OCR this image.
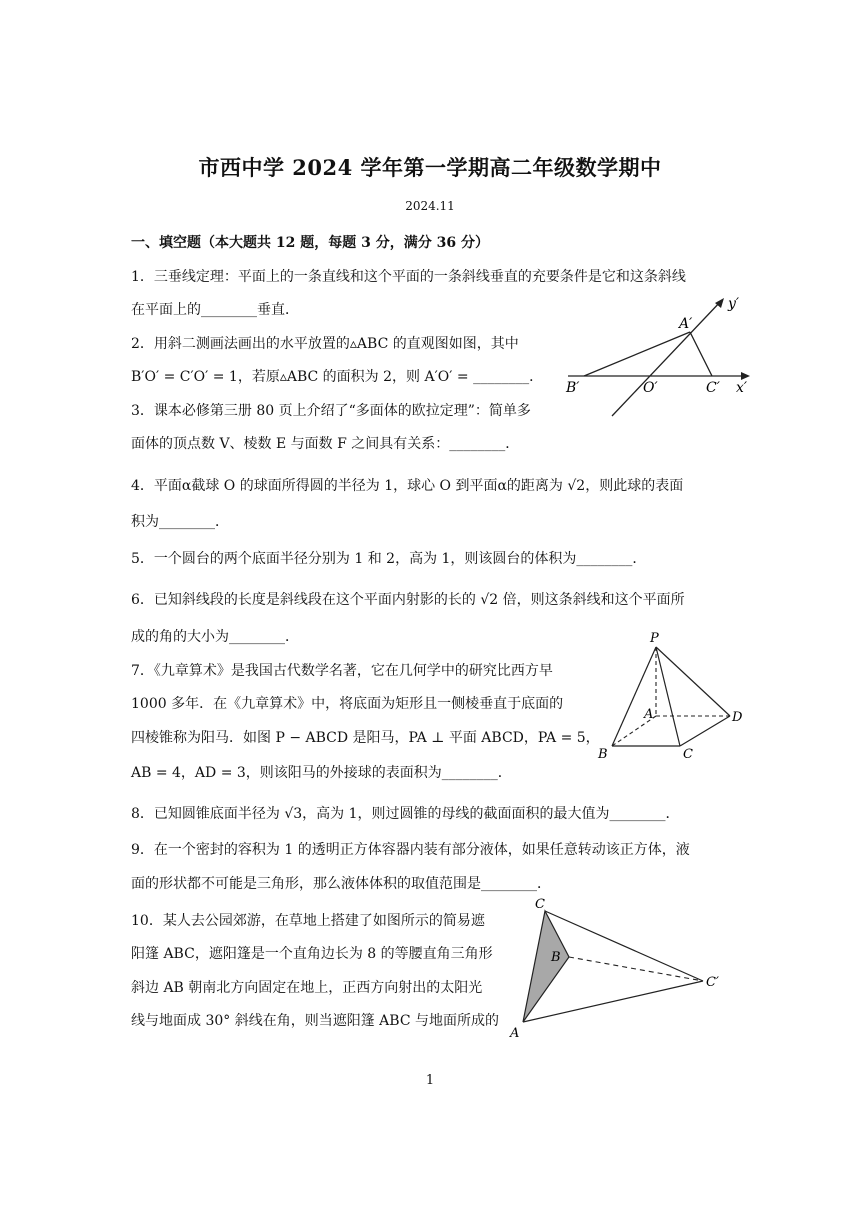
市西中学 2024 学年第一学期高二年级数学期中
2024.11
一、填空题（本大题共 12 题，每题 3 分，满分 36 分）
1．三垂线定理：平面上的一条直线和这个平面的一条斜线垂直的充要条件是它和这条斜线
在平面上的________垂直．
2．用斜二测画法画出的水平放置的▵ABC 的直观图如图，其中
B′O′ = C′O′ = 1，若原▵ABC 的面积为 2，则 A′O′ = ________．
3．课本必修第三册 80 页上介绍了“多面体的欧拉定理”：简单多
面体的顶点数 V、棱数 E 与面数 F 之间具有关系：________．
4．平面α截球 O 的球面所得圆的半径为 1，球心 O 到平面α的距离为 √2，则此球的表面
积为________．
5．一个圆台的两个底面半径分别为 1 和 2，高为 1，则该圆台的体积为________．
6．已知斜线段的长度是斜线段在这个平面内射影的长的 √2 倍，则这条斜线和这个平面所
成的角的大小为________．
7．《九章算术》是我国古代数学名著，它在几何学中的研究比西方早
1000 多年．在《九章算术》中，将底面为矩形且一侧棱垂直于底面的
四棱锥称为阳马．如图 P − ABCD 是阳马，PA ⊥ 平面 ABCD，PA = 5，
AB = 4，AD = 3，则该阳马的外接球的表面积为________．
8．已知圆锥底面半径为 √3，高为 1，则过圆锥的母线的截面面积的最大值为________．
9．在一个密封的容积为 1 的透明正方体容器内装有部分液体，如果任意转动该正方体，液
面的形状都不可能是三角形，那么液体体积的取值范围是________．
10．某人去公园郊游，在草地上搭建了如图所示的简易遮
阳篷 ABC，遮阳篷是一个直角边长为 8 的等腰直角三角形
斜边 AB 朝南北方向固定在地上，正西方向射出的太阳光
线与地面成 30° 斜线在角，则当遮阳篷 ABC 与地面所成的
y′
A′
B′	O′	C′ x′
P
A
B	C
D
C
B
C′
A
1
